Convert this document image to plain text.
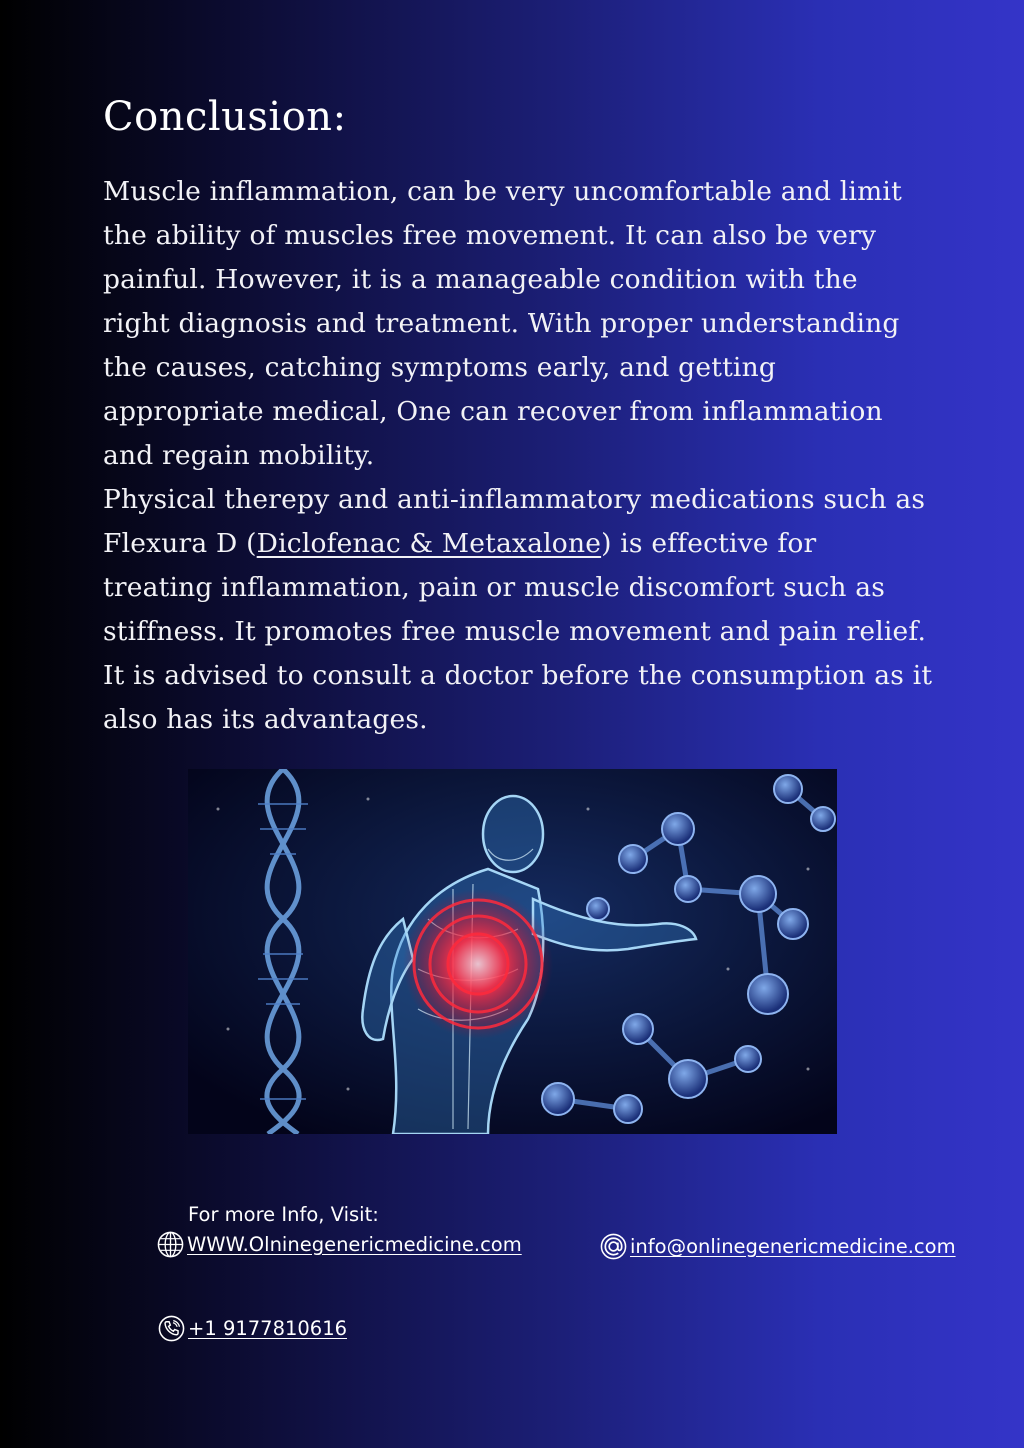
Conclusion:

Muscle inflammation, can be very uncomfortable and limit the ability of muscles free movement. It can also be very painful. However, it is a manageable condition with the right diagnosis and treatment. With proper understanding the causes, catching symptoms early, and getting appropriate medical, One can recover from inflammation and regain mobility.
Physical therepy and anti-inflammatory medications such as Flexura D (Diclofenac & Metaxalone) is effective for treating inflammation, pain or muscle discomfort such as stiffness. It promotes free muscle movement and pain relief. It is advised to consult a doctor before the consumption as it also has its advantages.

For more Info, Visit:
WWW.Olninegenericmedicine.com	info@onlinegenericmedicine.com
+1 9177810616
